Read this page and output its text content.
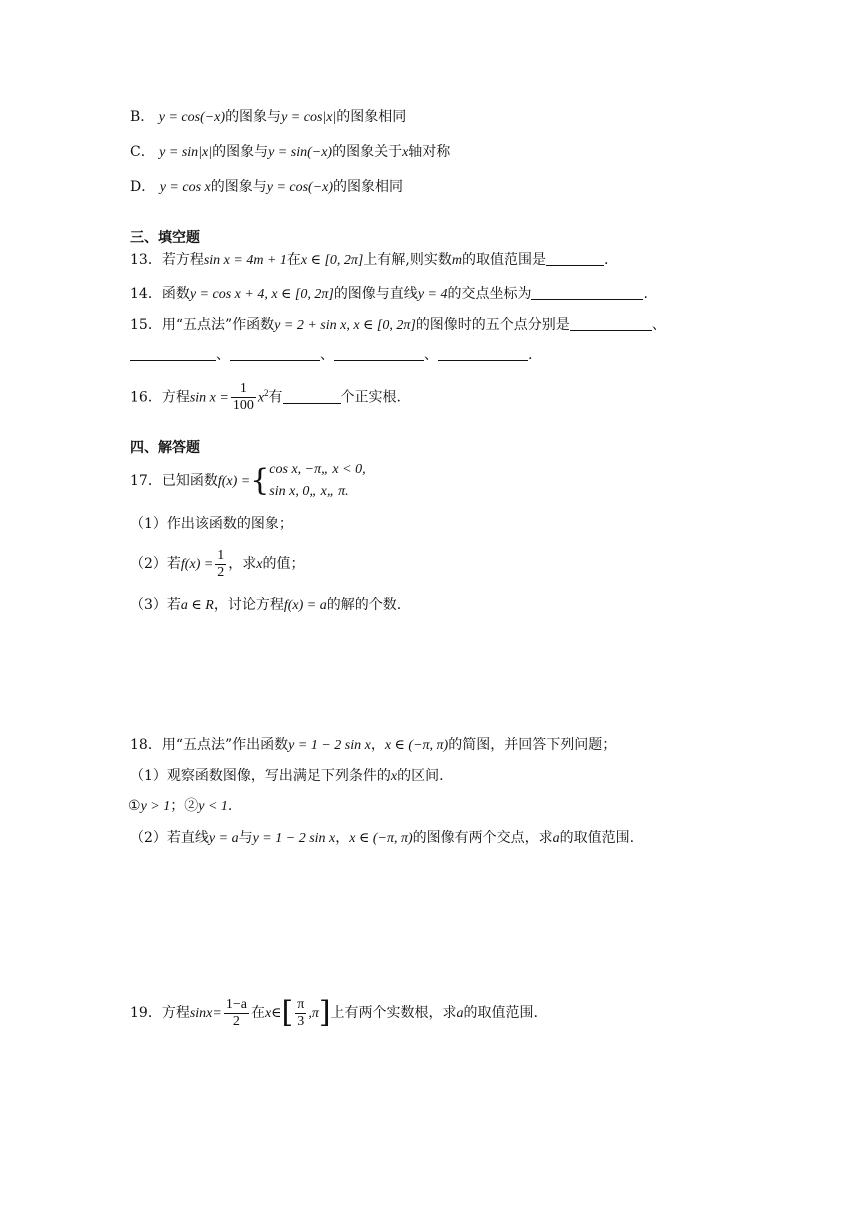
B． y = cos(−x)的图象与y = cos|x|的图象相同
C． y = sin|x|的图象与y = sin(−x)的图象关于x轴对称
D． y = cos x的图象与y = cos(−x)的图象相同
三、填空题
13．若方程sin x = 4m + 1在x ∈ [0, 2π]上有解,则实数m的取值范围是	.
14．函数y = cos x + 4, x ∈ [0, 2π]的图像与直线y = 4的交点坐标为	.
15．用“五点法”作函数y = 2 + sin x, x ∈ [0, 2π]的图像时的五个点分别是	、
、	、	、	.
16．方程$\sin x = \frac{1}{100} x^2$有	个正实根.
四、解答题
17．已知函数f(x) ={ cos x, −π„ x < 0,
sin x, 0„ x„ π.
（1）作出该函数的图象；
（2）若$f(x) = \frac{1}{2}$ ，求x的值；
（3）若a ∈ R，讨论方程f(x) = a的解的个数.
18．用“五点法”作出函数y = 1 − 2 sin x，x ∈ (−π, π)的简图，并回答下列问题；
（1）观察函数图像，写出满足下列条件的x的区间.
①y > 1；②y < 1.
（2）若直线y = a与y = 1 − 2 sin x，x ∈ (−π, π)的图像有两个交点，求a的取值范围.
19．方程$\sin x= \frac{1-a}{2}$ 在x∈[ $\frac{\pi}{3} ,\pi$]上有两个实数根，求a的取值范围.
